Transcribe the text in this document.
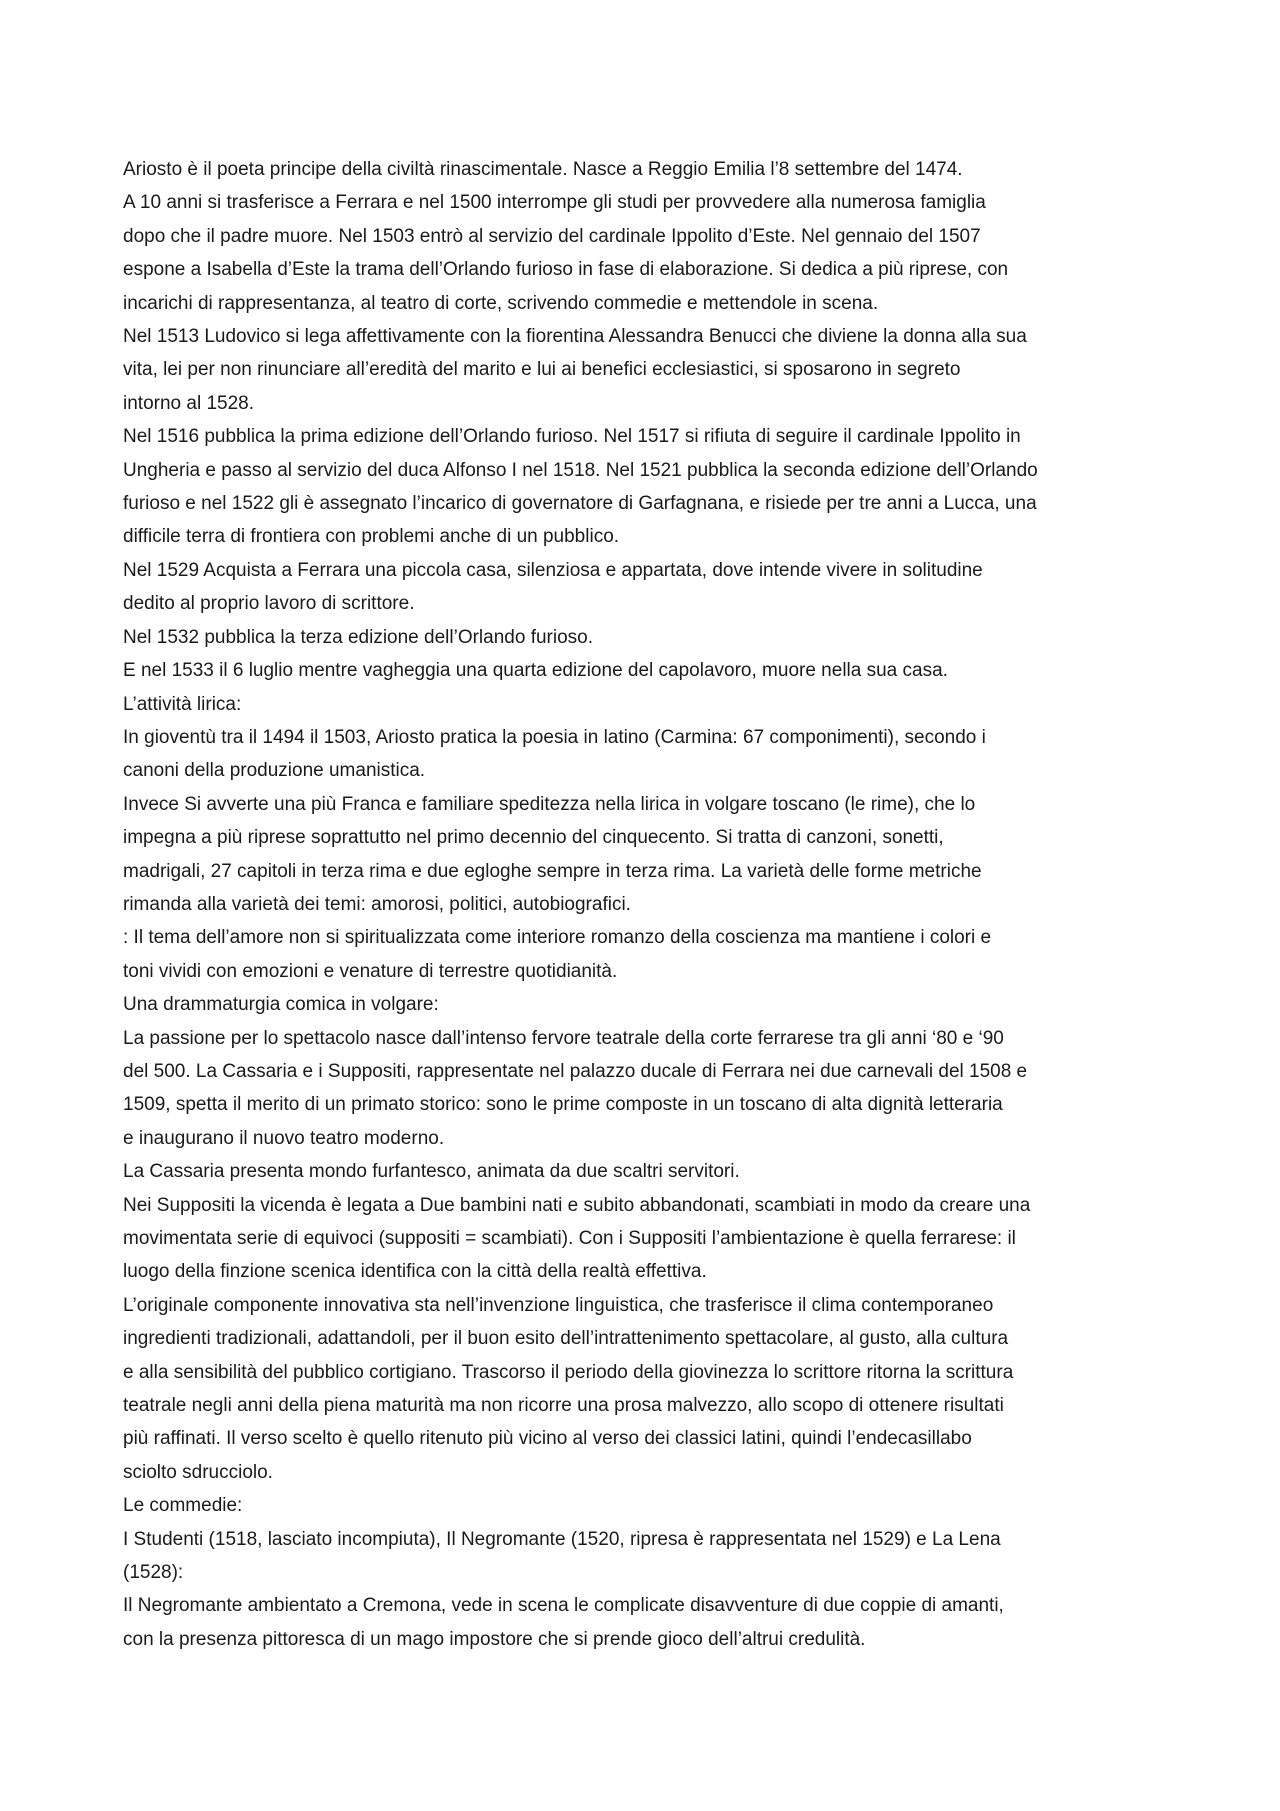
Ariosto è il poeta principe della civiltà rinascimentale. Nasce a Reggio Emilia l’8 settembre del 1474.
A 10 anni si trasferisce a Ferrara e nel 1500 interrompe gli studi per provvedere alla numerosa famiglia
dopo che il padre muore. Nel 1503 entrò al servizio del cardinale Ippolito d’Este. Nel gennaio del 1507
espone a Isabella d’Este la trama dell’Orlando furioso in fase di elaborazione. Si dedica a più riprese, con
incarichi di rappresentanza, al teatro di corte, scrivendo commedie e mettendole in scena.
Nel 1513 Ludovico si lega affettivamente con la fiorentina Alessandra Benucci che diviene la donna alla sua
vita, lei per non rinunciare all’eredità del marito e lui ai benefici ecclesiastici, si sposarono in segreto
intorno al 1528.
Nel 1516 pubblica la prima edizione dell’Orlando furioso. Nel 1517 si rifiuta di seguire il cardinale Ippolito in
Ungheria e passo al servizio del duca Alfonso I nel 1518. Nel 1521 pubblica la seconda edizione dell’Orlando
furioso e nel 1522 gli è assegnato l’incarico di governatore di Garfagnana, e risiede per tre anni a Lucca, una
difficile terra di frontiera con problemi anche di un pubblico.
Nel 1529 Acquista a Ferrara una piccola casa, silenziosa e appartata, dove intende vivere in solitudine
dedito al proprio lavoro di scrittore.
Nel 1532 pubblica la terza edizione dell’Orlando furioso.
E nel 1533 il 6 luglio mentre vagheggia una quarta edizione del capolavoro, muore nella sua casa.
L’attività lirica:
In gioventù tra il 1494 il 1503, Ariosto pratica la poesia in latino (Carmina: 67 componimenti), secondo i
canoni della produzione umanistica.
Invece Si avverte una più Franca e familiare speditezza nella lirica in volgare toscano (le rime), che lo
impegna a più riprese soprattutto nel primo decennio del cinquecento. Si tratta di canzoni, sonetti,
madrigali, 27 capitoli in terza rima e due egloghe sempre in terza rima. La varietà delle forme metriche
rimanda alla varietà dei temi: amorosi, politici, autobiografici.
: Il tema dell’amore non si spiritualizzata come interiore romanzo della coscienza ma mantiene i colori e
toni vividi con emozioni e venature di terrestre quotidianità.
Una drammaturgia comica in volgare:
La passione per lo spettacolo nasce dall’intenso fervore teatrale della corte ferrarese tra gli anni ‘80 e ‘90
del 500. La Cassaria e i Suppositi, rappresentate nel palazzo ducale di Ferrara nei due carnevali del 1508 e
1509, spetta il merito di un primato storico: sono le prime composte in un toscano di alta dignità letteraria
e inaugurano il nuovo teatro moderno.
La Cassaria presenta mondo furfantesco, animata da due scaltri servitori.
Nei Suppositi la vicenda è legata a Due bambini nati e subito abbandonati, scambiati in modo da creare una
movimentata serie di equivoci (suppositi = scambiati). Con i Suppositi l’ambientazione è quella ferrarese: il
luogo della finzione scenica identifica con la città della realtà effettiva.
L’originale componente innovativa sta nell’invenzione linguistica, che trasferisce il clima contemporaneo
ingredienti tradizionali, adattandoli, per il buon esito dell’intrattenimento spettacolare, al gusto, alla cultura
e alla sensibilità del pubblico cortigiano. Trascorso il periodo della giovinezza lo scrittore ritorna la scrittura
teatrale negli anni della piena maturità ma non ricorre una prosa malvezzo, allo scopo di ottenere risultati
più raffinati. Il verso scelto è quello ritenuto più vicino al verso dei classici latini, quindi l’endecasillabo
sciolto sdrucciolo.
Le commedie:
I Studenti (1518, lasciato incompiuta), Il Negromante (1520, ripresa è rappresentata nel 1529) e La Lena
(1528):
Il Negromante ambientato a Cremona, vede in scena le complicate disavventure di due coppie di amanti,
con la presenza pittoresca di un mago impostore che si prende gioco dell’altrui credulità.
